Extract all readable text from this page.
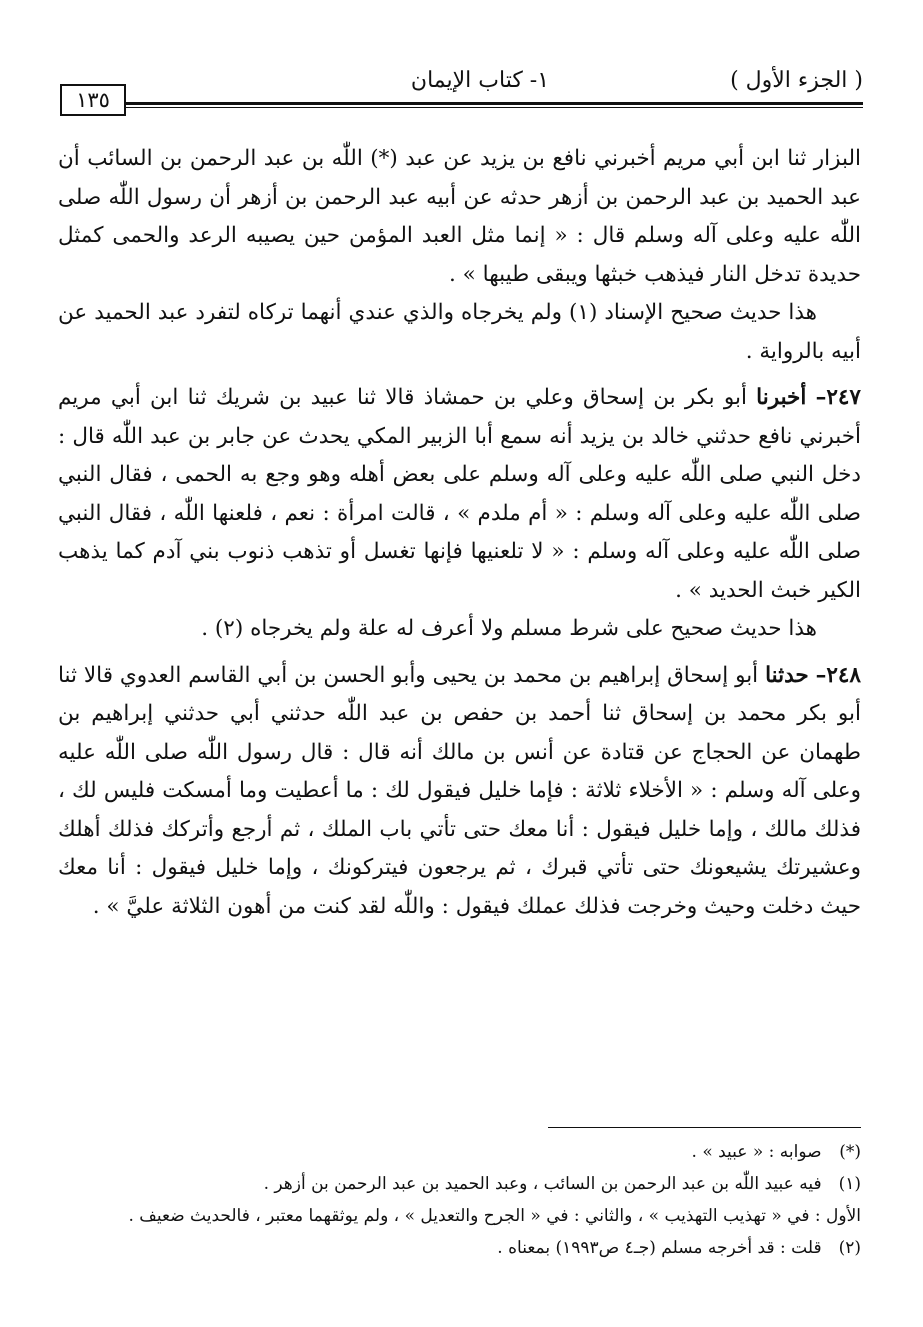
( الجزء الأول )
١- كتاب الإيمان
١٣٥

البزار ثنا ابن أبي مريم أخبرني نافع بن يزيد عن عبد (*) اللّٰه بن عبد الرحمن بن السائب أن عبد الحميد بن عبد الرحمن بن أزهر حدثه عن أبيه عبد الرحمن بن أزهر أن رسول اللّٰه صلى اللّٰه عليه وعلى آله وسلم قال : « إنما مثل العبد المؤمن حين يصيبه الرعد والحمى كمثل حديدة تدخل النار فيذهب خبثها ويبقى طيبها » .

هذا حديث صحيح الإسناد (١) ولم يخرجاه والذي عندي أنهما تركاه لتفرد عبد الحميد عن أبيه بالرواية .

٢٤٧– أخبرنا أبو بكر بن إسحاق وعلي بن حمشاذ قالا ثنا عبيد بن شريك ثنا ابن أبي مريم أخبرني نافع حدثني خالد بن يزيد أنه سمع أبا الزبير المكي يحدث عن جابر بن عبد اللّٰه قال : دخل النبي صلى اللّٰه عليه وعلى آله وسلم على بعض أهله وهو وجع به الحمى ، فقال النبي صلى اللّٰه عليه وعلى آله وسلم : « أم ملدم » ، قالت امرأة : نعم ، فلعنها اللّٰه ، فقال النبي صلى اللّٰه عليه وعلى آله وسلم : « لا تلعنيها فإنها تغسل أو تذهب ذنوب بني آدم كما يذهب الكير خبث الحديد » .

هذا حديث صحيح على شرط مسلم ولا أعرف له علة ولم يخرجاه (٢) .

٢٤٨– حدثنا أبو إسحاق إبراهيم بن محمد بن يحيى وأبو الحسن بن أبي القاسم العدوي قالا ثنا أبو بكر محمد بن إسحاق ثنا أحمد بن حفص بن عبد اللّٰه حدثني أبي حدثني إبراهيم بن طهمان عن الحجاج عن قتادة عن أنس بن مالك أنه قال : قال رسول اللّٰه صلى اللّٰه عليه وعلى آله وسلم : « الأخلاء ثلاثة : فإما خليل فيقول لك : ما أعطيت وما أمسكت فليس لك ، فذلك مالك ، وإما خليل فيقول : أنا معك حتى تأتي باب الملك ، ثم أرجع وأتركك فذلك أهلك وعشيرتك يشيعونك حتى تأتي قبرك ، ثم يرجعون فيتركونك ، وإما خليل فيقول : أنا معك حيث دخلت وحيث وخرجت فذلك عملك فيقول : واللّٰه لقد كنت من أهون الثلاثة عليَّ » .

(*) صوابه : « عبيد » .

(١) فيه عبيد اللّٰه بن عبد الرحمن بن السائب ، وعبد الحميد بن عبد الرحمن بن أزهر .

الأول : في « تهذيب التهذيب » ، والثاني : في « الجرح والتعديل » ، ولم يوثقهما معتبر ، فالحديث ضعيف .

(٢) قلت : قد أخرجه مسلم (جـ٤ ص١٩٩٣) بمعناه .
